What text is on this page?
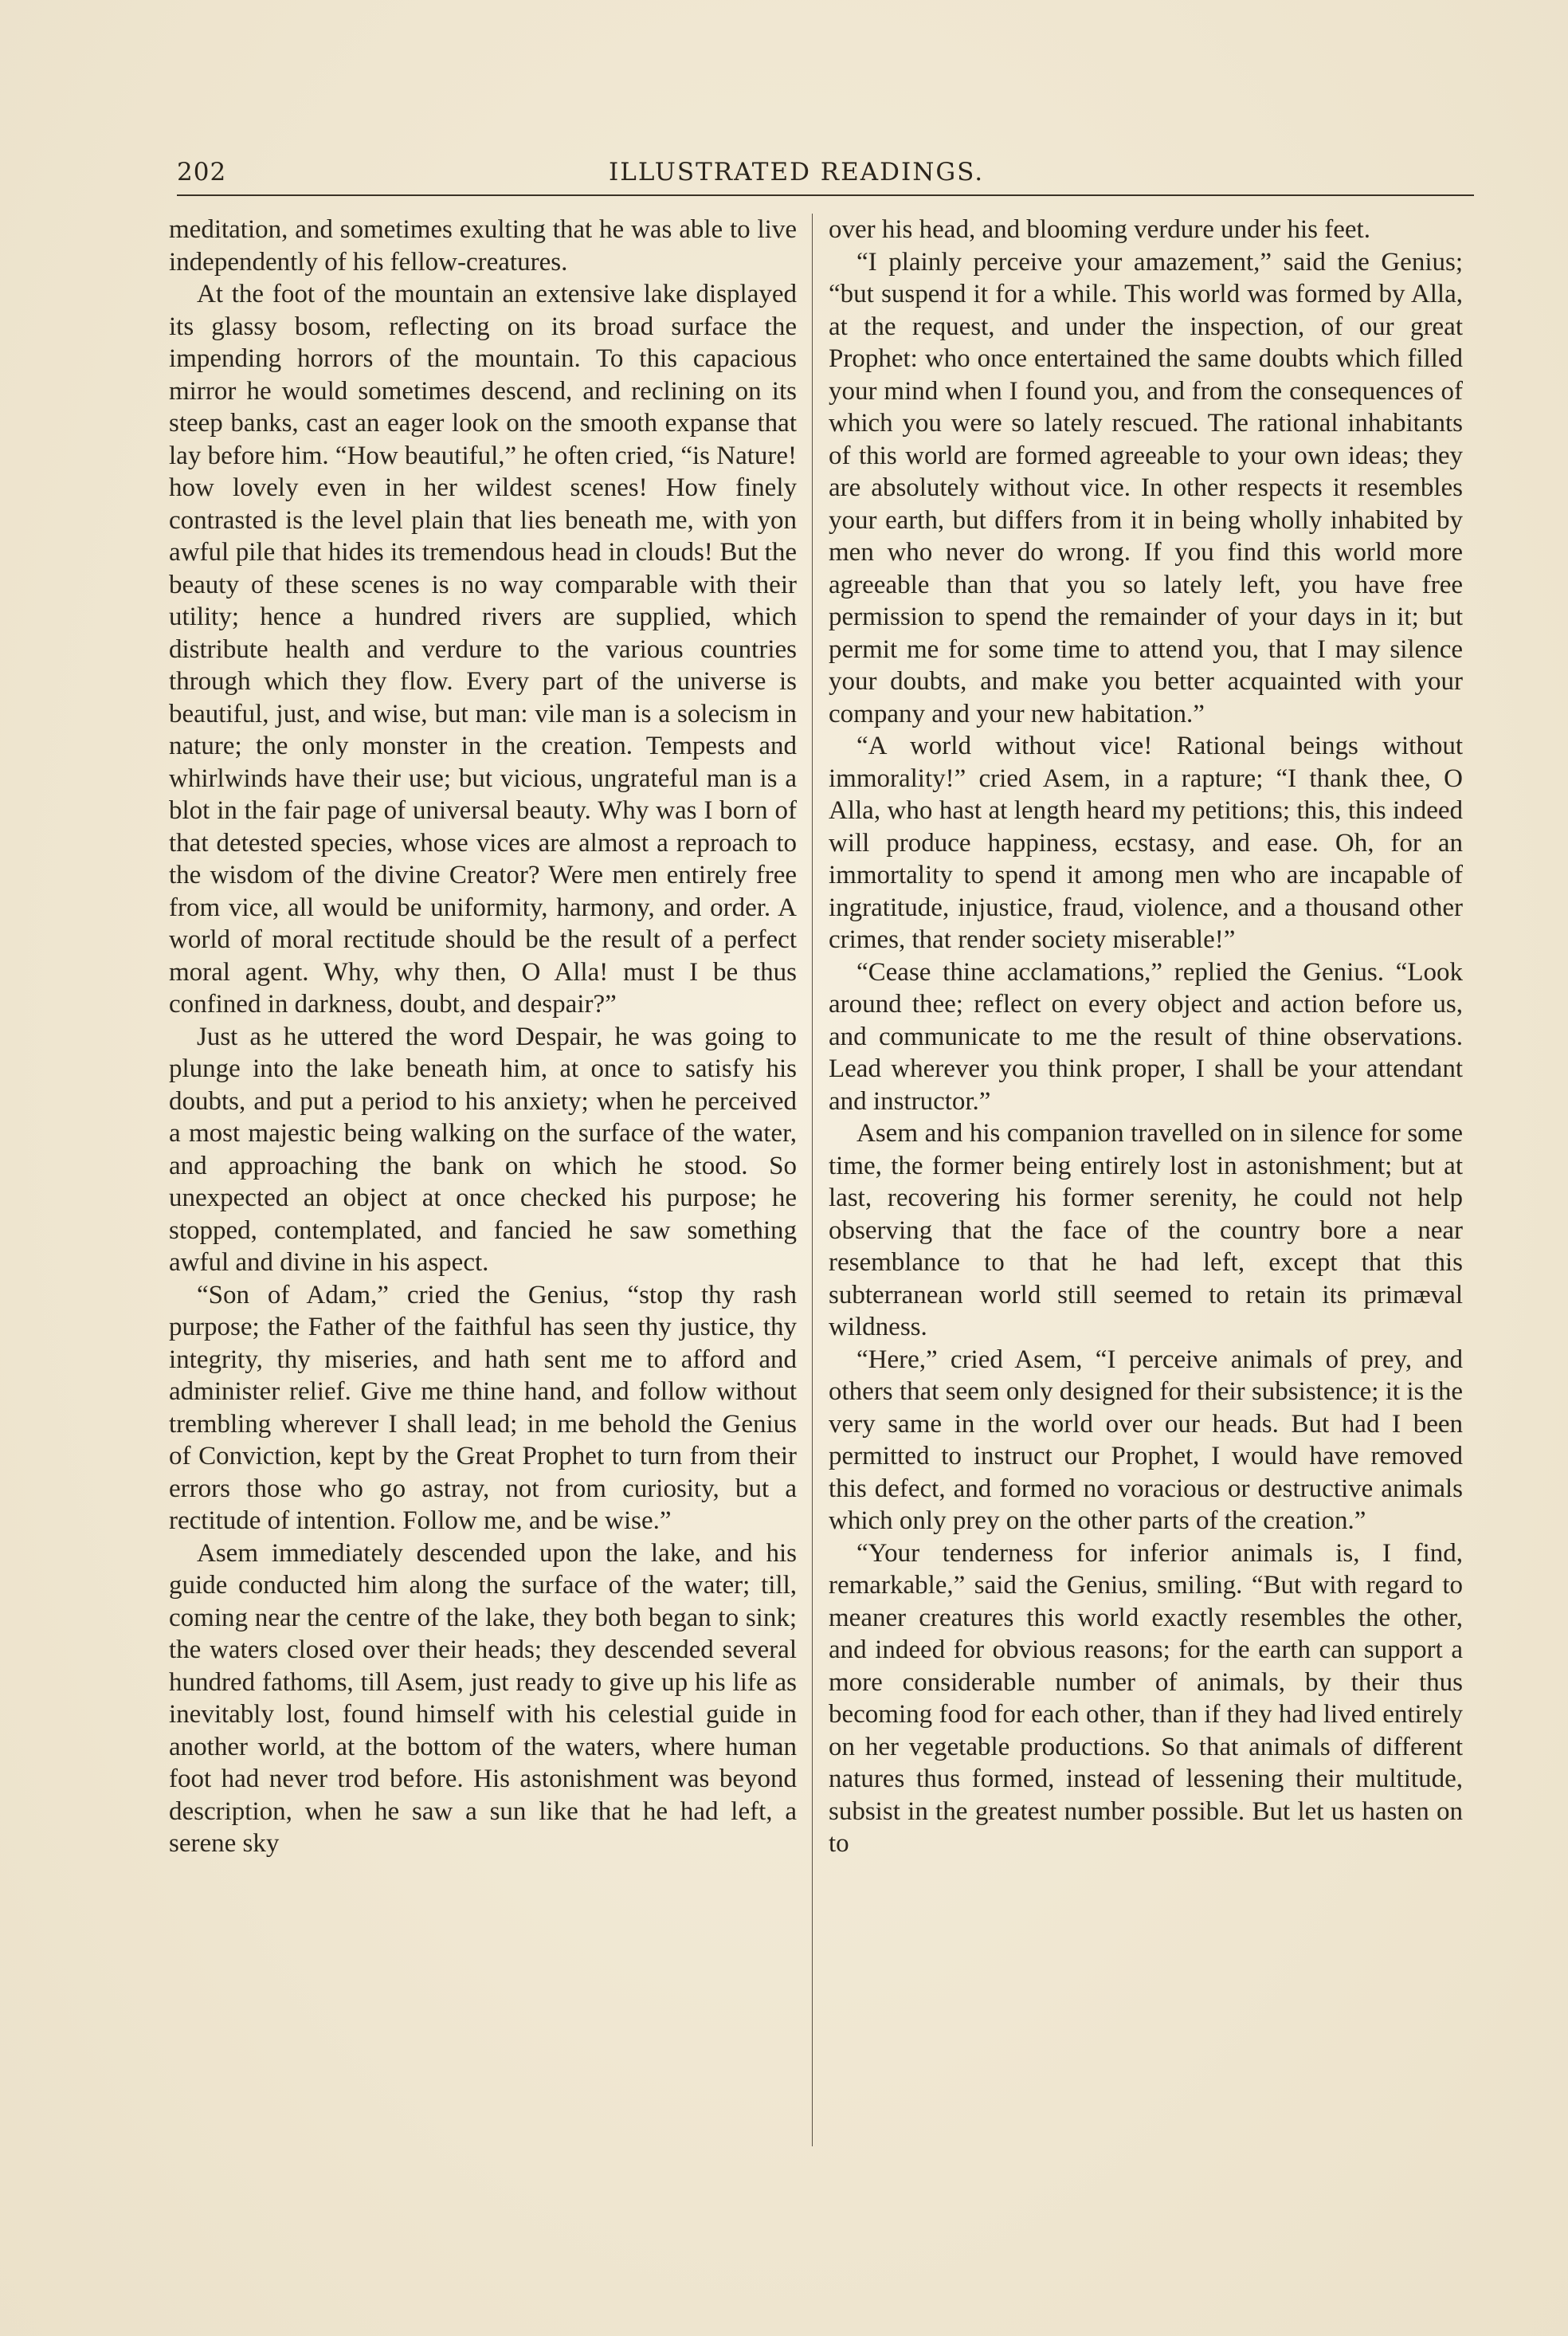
202	ILLUSTRATED READINGS.

meditation, and sometimes exulting that he was able to live independently of his fellow-creatures.

At the foot of the mountain an extensive lake displayed its glassy bosom, reflecting on its broad surface the impending horrors of the mountain. To this capacious mirror he would sometimes descend, and reclining on its steep banks, cast an eager look on the smooth expanse that lay before him. “How beautiful,” he often cried, “is Nature! how lovely even in her wildest scenes! How finely contrasted is the level plain that lies beneath me, with yon awful pile that hides its tremendous head in clouds! But the beauty of these scenes is no way comparable with their utility; hence a hundred rivers are supplied, which distribute health and verdure to the various countries through which they flow. Every part of the universe is beautiful, just, and wise, but man: vile man is a solecism in nature; the only monster in the creation. Tempests and whirlwinds have their use; but vicious, ungrateful man is a blot in the fair page of universal beauty. Why was I born of that detested species, whose vices are almost a reproach to the wisdom of the divine Creator? Were men entirely free from vice, all would be uniformity, harmony, and order. A world of moral rectitude should be the result of a perfect moral agent. Why, why then, O Alla! must I be thus confined in darkness, doubt, and despair?”

Just as he uttered the word Despair, he was going to plunge into the lake beneath him, at once to satisfy his doubts, and put a period to his anxiety; when he perceived a most majestic being walking on the surface of the water, and approaching the bank on which he stood. So unexpected an object at once checked his purpose; he stopped, contemplated, and fancied he saw something awful and divine in his aspect.

“Son of Adam,” cried the Genius, “stop thy rash purpose; the Father of the faithful has seen thy justice, thy integrity, thy miseries, and hath sent me to afford and administer relief. Give me thine hand, and follow without trembling wherever I shall lead; in me behold the Genius of Conviction, kept by the Great Prophet to turn from their errors those who go astray, not from curiosity, but a rectitude of intention. Follow me, and be wise.”

Asem immediately descended upon the lake, and his guide conducted him along the surface of the water; till, coming near the centre of the lake, they both began to sink; the waters closed over their heads; they descended several hundred fathoms, till Asem, just ready to give up his life as inevitably lost, found himself with his celestial guide in another world, at the bottom of the waters, where human foot had never trod before. His astonishment was beyond description, when he saw a sun like that he had left, a serene sky

over his head, and blooming verdure under his feet.

“I plainly perceive your amazement,” said the Genius; “but suspend it for a while. This world was formed by Alla, at the request, and under the inspection, of our great Prophet: who once entertained the same doubts which filled your mind when I found you, and from the consequences of which you were so lately rescued. The rational inhabitants of this world are formed agreeable to your own ideas; they are absolutely without vice. In other respects it resembles your earth, but differs from it in being wholly inhabited by men who never do wrong. If you find this world more agreeable than that you so lately left, you have free permission to spend the remainder of your days in it; but permit me for some time to attend you, that I may silence your doubts, and make you better acquainted with your company and your new habitation.”

“A world without vice! Rational beings without immorality!” cried Asem, in a rapture; “I thank thee, O Alla, who hast at length heard my petitions; this, this indeed will produce happiness, ecstasy, and ease. Oh, for an immortality to spend it among men who are incapable of ingratitude, injustice, fraud, violence, and a thousand other crimes, that render society miserable!”

“Cease thine acclamations,” replied the Genius. “Look around thee; reflect on every object and action before us, and communicate to me the result of thine observations. Lead wherever you think proper, I shall be your attendant and instructor.”

Asem and his companion travelled on in silence for some time, the former being entirely lost in astonishment; but at last, recovering his former serenity, he could not help observing that the face of the country bore a near resemblance to that he had left, except that this subterranean world still seemed to retain its primæval wildness.

“Here,” cried Asem, “I perceive animals of prey, and others that seem only designed for their subsistence; it is the very same in the world over our heads. But had I been permitted to instruct our Prophet, I would have removed this defect, and formed no voracious or destructive animals which only prey on the other parts of the creation.”

“Your tenderness for inferior animals is, I find, remarkable,” said the Genius, smiling. “But with regard to meaner creatures this world exactly resembles the other, and indeed for obvious reasons; for the earth can support a more considerable number of animals, by their thus becoming food for each other, than if they had lived entirely on her vegetable productions. So that animals of different natures thus formed, instead of lessening their multitude, subsist in the greatest number possible. But let us hasten on to
